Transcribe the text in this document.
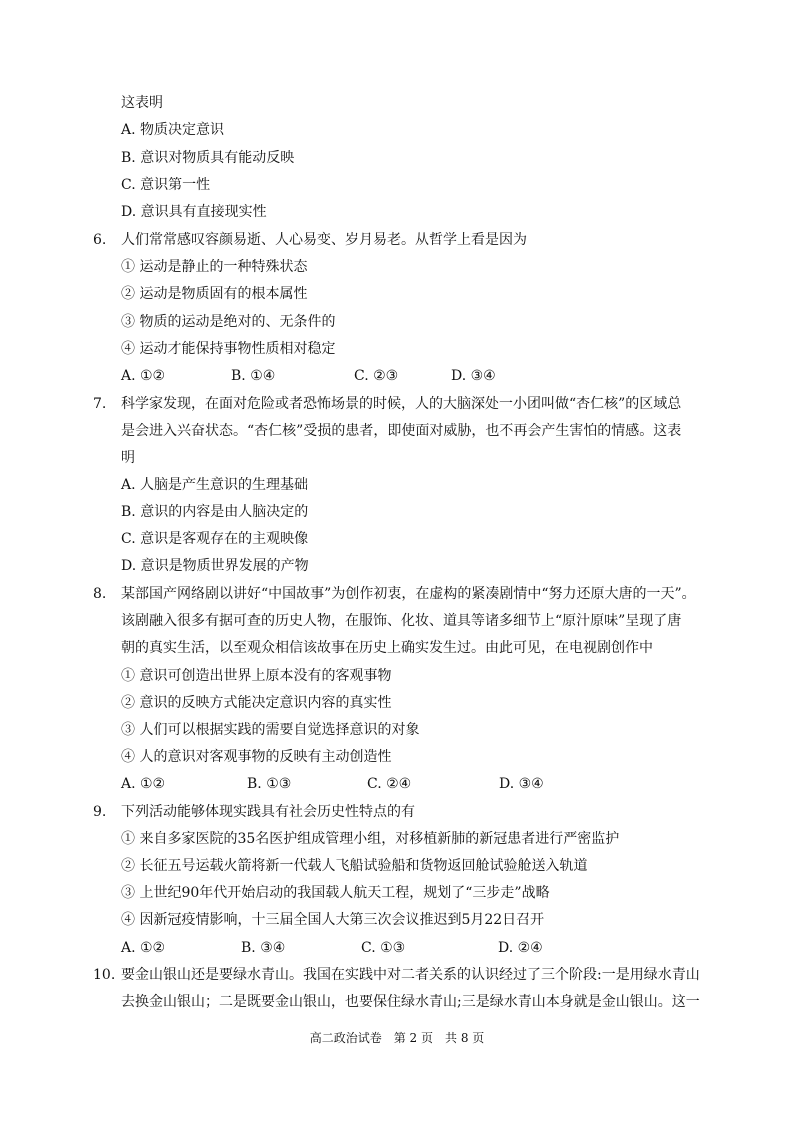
这表明
A. 物质决定意识
B. 意识对物质具有能动反映
C. 意识第一性
D. 意识具有直接现实性
6. 人们常常感叹容颜易逝、人心易变、岁月易老。从哲学上看是因为
① 运动是静止的一种特殊状态
② 运动是物质固有的根本属性
③ 物质的运动是绝对的、无条件的
④ 运动才能保持事物性质相对稳定
A. ①②	B. ①④	C. ②③	D. ③④
7. 科学家发现，在面对危险或者恐怖场景的时候，人的大脑深处一小团叫做“杏仁核”的区域总
是会进入兴奋状态。“杏仁核”受损的患者，即使面对威胁，也不再会产生害怕的情感。这表
明
A. 人脑是产生意识的生理基础
B. 意识的内容是由人脑决定的
C. 意识是客观存在的主观映像
D. 意识是物质世界发展的产物
8. 某部国产网络剧以讲好“中国故事”为创作初衷，在虚构的紧凑剧情中“努力还原大唐的一天”。
该剧融入很多有据可查的历史人物，在服饰、化妆、道具等诸多细节上“原汁原味”呈现了唐
朝的真实生活，以至观众相信该故事在历史上确实发生过。由此可见，在电视剧创作中
① 意识可创造出世界上原本没有的客观事物
② 意识的反映方式能决定意识内容的真实性
③ 人们可以根据实践的需要自觉选择意识的对象
④ 人的意识对客观事物的反映有主动创造性
A. ①②	B. ①③	C. ②④	D. ③④
9. 下列活动能够体现实践具有社会历史性特点的有
① 来自多家医院的35名医护组成管理小组，对移植新肺的新冠患者进行严密监护
② 长征五号运载火箭将新一代载人飞船试验船和货物返回舱试验舱送入轨道
③ 上世纪90年代开始启动的我国载人航天工程，规划了“三步走”战略
④ 因新冠疫情影响，十三届全国人大第三次会议推迟到5月22日召开
A. ①②	B. ③④	C. ①③	D. ②④
10. 要金山银山还是要绿水青山。我国在实践中对二者关系的认识经过了三个阶段:一是用绿水青山
去换金山银山；二是既要金山银山，也要保住绿水青山;三是绿水青山本身就是金山银山。这一
高二政治试卷　第 2 页　共 8 页
